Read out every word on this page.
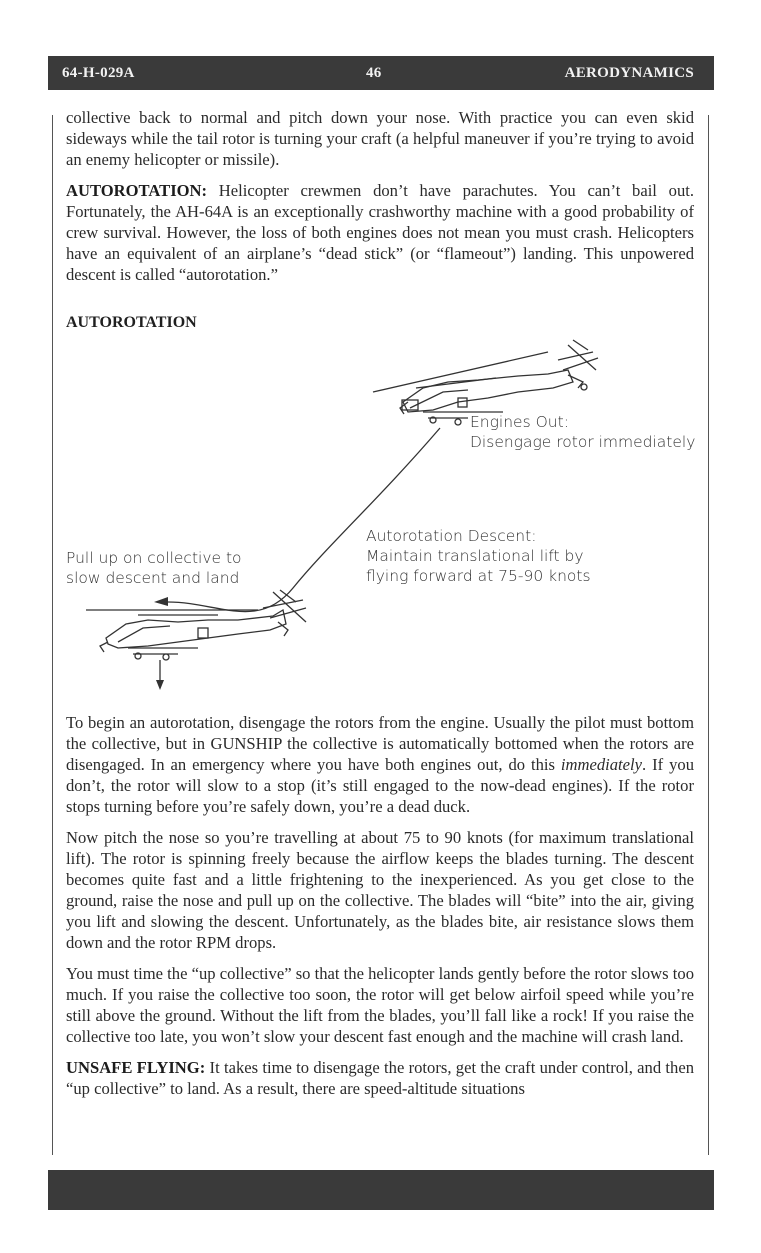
64-H-029A	46	AERODYNAMICS

collective back to normal and pitch down your nose. With practice you can even skid sideways while the tail rotor is turning your craft (a helpful maneuver if you’re trying to avoid an enemy helicopter or missile).

AUTOROTATION: Helicopter crewmen don’t have parachutes. You can’t bail out. Fortunately, the AH-64A is an exceptionally crashworthy machine with a good probability of crew survival. However, the loss of both engines does not mean you must crash. Helicopters have an equivalent of an airplane’s “dead stick” (or “flameout”) landing. This unpowered descent is called “autorotation.”

AUTOROTATION
Engines Out:
Disengage rotor immediately
Autorotation Descent:
Maintain translational lift by
flying forward at 75-90 knots
Pull up on collective to
slow descent and land

To begin an autorotation, disengage the rotors from the engine. Usually the pilot must bottom the collective, but in GUNSHIP the collective is automatically bottomed when the rotors are disengaged. In an emergency where you have both engines out, do this immediately. If you don’t, the rotor will slow to a stop (it’s still engaged to the now-dead engines). If the rotor stops turning before you’re safely down, you’re a dead duck.

Now pitch the nose so you’re travelling at about 75 to 90 knots (for maximum translational lift). The rotor is spinning freely because the airflow keeps the blades turning. The descent becomes quite fast and a little frightening to the inexperienced. As you get close to the ground, raise the nose and pull up on the collective. The blades will “bite” into the air, giving you lift and slowing the descent. Unfortunately, as the blades bite, air resistance slows them down and the rotor RPM drops.

You must time the “up collective” so that the helicopter lands gently before the rotor slows too much. If you raise the collective too soon, the rotor will get below airfoil speed while you’re still above the ground. Without the lift from the blades, you’ll fall like a rock! If you raise the collective too late, you won’t slow your descent fast enough and the machine will crash land.

UNSAFE FLYING: It takes time to disengage the rotors, get the craft under control, and then “up collective” to land. As a result, there are speed-altitude situations
